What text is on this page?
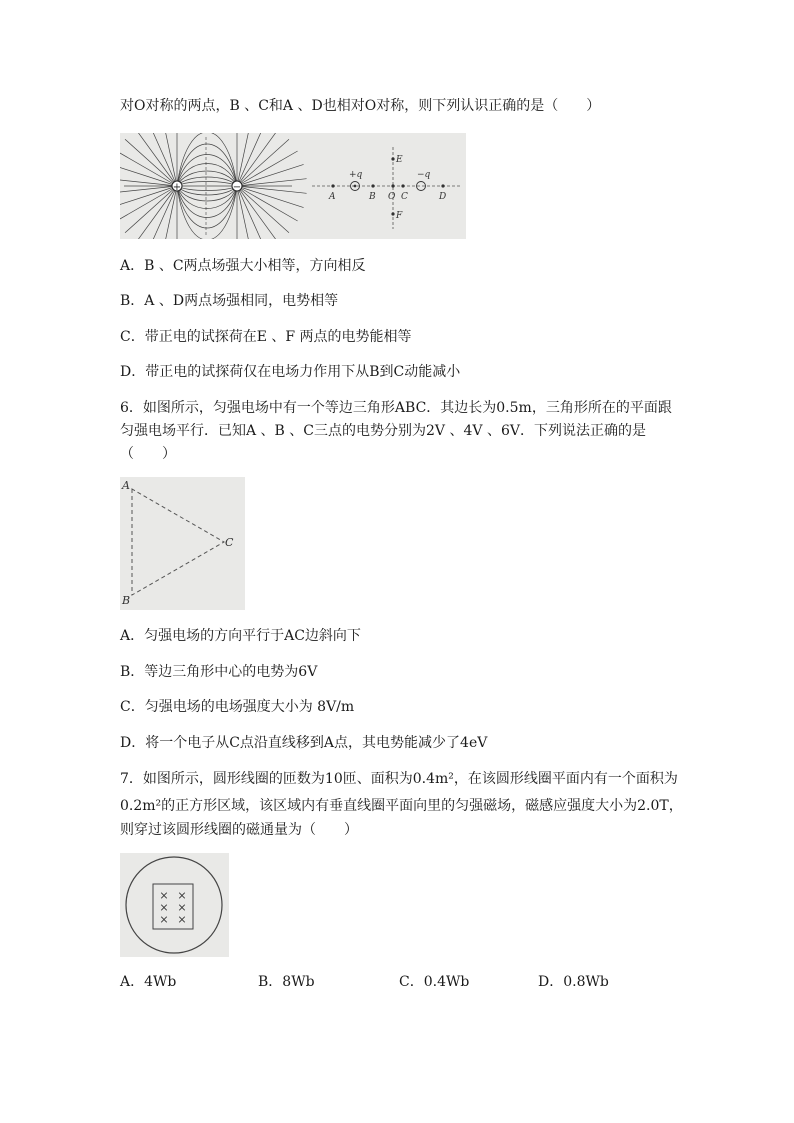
对O对称的两点，B 、C和A 、D也相对O对称，则下列认识正确的是（　　）
+	−
+q	−q
A	B O C	D
E
F
A．B 、C两点场强大小相等，方向相反
B．A 、D两点场强相同，电势相等
C．带正电的试探荷在E 、F 两点的电势能相等
D．带正电的试探荷仅在电场力作用下从B到C动能减小
6．如图所示，匀强电场中有一个等边三角形ABC．其边长为0.5m，三角形所在的平面跟
匀强电场平行．已知A 、B 、C三点的电势分别为2V 、4V 、6V．下列说法正确的是
（　　）
A
B
C
A．匀强电场的方向平行于AC边斜向下
B．等边三角形中心的电势为6V
C．匀强电场的电场强度大小为 8V/m
D．将一个电子从C点沿直线移到A点，其电势能减少了4eV
7．如图所示，圆形线圈的匝数为10匝、面积为0.4m²，在该圆形线圈平面内有一个面积为
0.2m²的正方形区域，该区域内有垂直线圈平面向里的匀强磁场，磁感应强度大小为2.0T，
则穿过该圆形线圈的磁通量为（　　）
× ×
× ×
× ×
A．4Wb	B．8Wb	C．0.4Wb	D．0.8Wb
